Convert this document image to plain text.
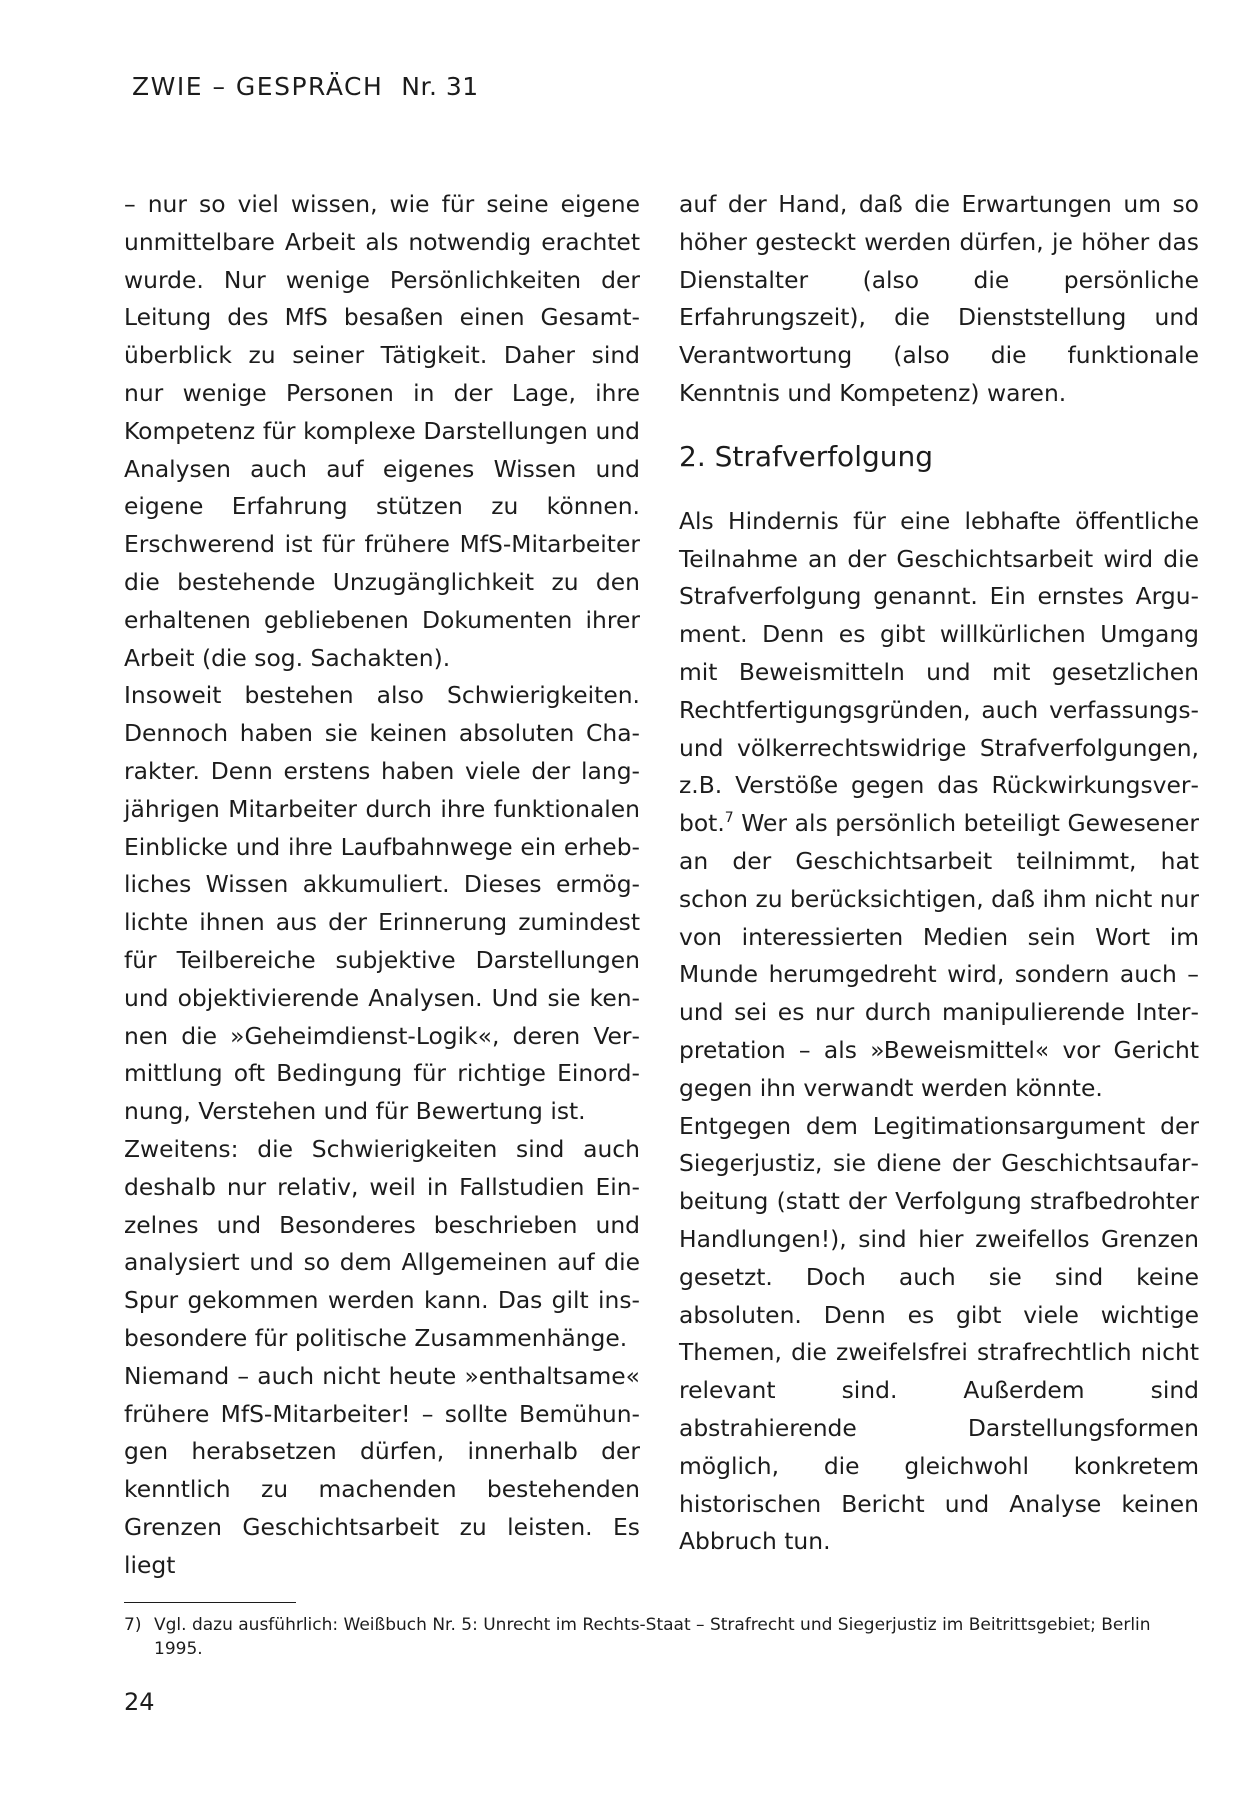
ZWIE – GESPRÄCH Nr. 31

– nur so viel wissen, wie für seine eigene unmittelbare Arbeit als notwendig erachtet wurde. Nur wenige Persönlichkeiten der Leitung des MfS besaßen einen Gesamtüberblick zu seiner Tätigkeit. Daher sind nur wenige Personen in der Lage, ihre Kompetenz für komplexe Darstellungen und Analysen auch auf eigenes Wissen und eigene Erfahrung stützen zu können. Erschwerend ist für frühere MfS-Mitarbeiter die bestehende Unzugänglichkeit zu den erhaltenen gebliebenen Dokumenten ihrer Arbeit (die sog. Sachakten).

Insoweit bestehen also Schwierigkeiten. Dennoch haben sie keinen absoluten Charakter. Denn erstens haben viele der langjährigen Mitarbeiter durch ihre funktionalen Einblicke und ihre Laufbahnwege ein erhebliches Wissen akkumuliert. Dieses ermöglichte ihnen aus der Erinnerung zumindest für Teilbereiche subjektive Darstellungen und objektivierende Analysen. Und sie kennen die »Geheimdienst-Logik«, deren Vermittlung oft Bedingung für richtige Einordnung, Verstehen und für Bewertung ist.

Zweitens: die Schwierigkeiten sind auch deshalb nur relativ, weil in Fallstudien Einzelnes und Besonderes beschrieben und analysiert und so dem Allgemeinen auf die Spur gekommen werden kann. Das gilt insbesondere für politische Zusammenhänge.

Niemand – auch nicht heute »enthaltsame« frühere MfS-Mitarbeiter! – sollte Bemühungen herabsetzen dürfen, innerhalb der kenntlich zu machenden bestehenden Grenzen Geschichtsarbeit zu leisten. Es liegt

auf der Hand, daß die Erwartungen um so höher gesteckt werden dürfen, je höher das Dienstalter (also die persönliche Erfahrungszeit), die Dienststellung und Verantwortung (also die funktionale Kenntnis und Kompetenz) waren.

2. Strafverfolgung

Als Hindernis für eine lebhafte öffentliche Teilnahme an der Geschichtsarbeit wird die Strafverfolgung genannt. Ein ernstes Argument. Denn es gibt willkürlichen Umgang mit Beweismitteln und mit gesetzlichen Rechtfertigungsgründen, auch verfassungs- und völkerrechtswidrige Strafverfolgungen, z.B. Verstöße gegen das Rückwirkungsverbot.$^7$ Wer als persönlich beteiligt Gewesener an der Geschichtsarbeit teilnimmt, hat schon zu berücksichtigen, daß ihm nicht nur von interessierten Medien sein Wort im Munde herumgedreht wird, sondern auch – und sei es nur durch manipulierende Interpretation – als »Beweismittel« vor Gericht gegen ihn verwandt werden könnte.

Entgegen dem Legitimationsargument der Siegerjustiz, sie diene der Geschichtsaufarbeitung (statt der Verfolgung strafbedrohter Handlungen!), sind hier zweifellos Grenzen gesetzt. Doch auch sie sind keine absoluten. Denn es gibt viele wichtige Themen, die zweifelsfrei strafrechtlich nicht relevant sind. Außerdem sind abstrahierende Darstellungsformen möglich, die gleichwohl konkretem historischen Bericht und Analyse keinen Abbruch tun.

7) Vgl. dazu ausführlich: Weißbuch Nr. 5: Unrecht im Rechts-Staat – Strafrecht und Siegerjustiz im Beitrittsgebiet; Berlin 1995.
24
